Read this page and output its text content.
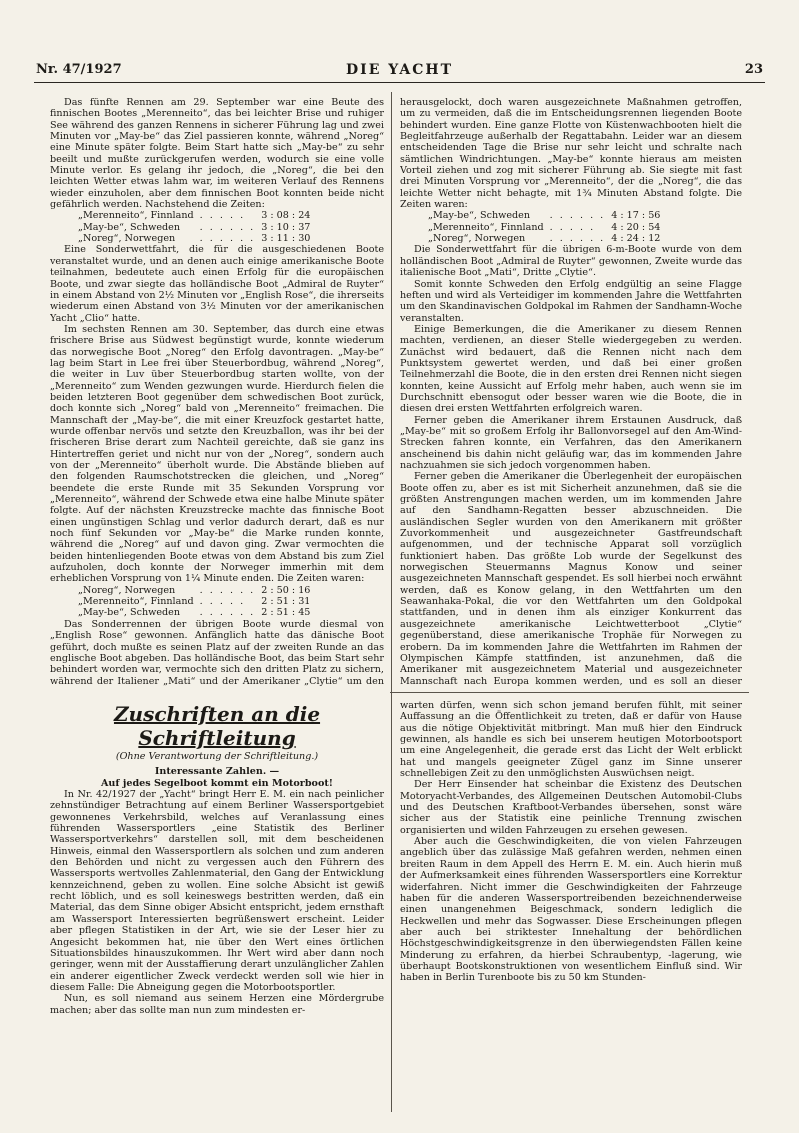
Nr. 47/1927	DIE YACHT	23

Das fünfte Rennen am 29. September war eine Beute des finnischen Bootes „Merenneito“, das bei leichter Brise und ruhiger See während des ganzen Rennens in sicherer Führung lag und zwei Minuten vor „May-be“ das Ziel passieren konnte, während „Noreg“ eine Minute später folgte. Beim Start hatte sich „May-be“ zu sehr beeilt und mußte zurückgerufen werden, wodurch sie eine volle Minute verlor. Es gelang ihr jedoch, die „Noreg“, die bei den leichten Wetter etwas lahm war, im weiteren Verlauf des Rennens wieder einzuholen, aber dem finnischen Boot konnten beide nicht gefährlich werden. Nachstehend die Zeiten:

„Merenneito“, Finnland	. . . . .	3 : 08 : 24
„May-be“, Schweden	. . . . . .	3 : 10 : 37
„Noreg“, Norwegen	. . . . . .	3 : 11 : 30

Eine Sonderwettfahrt, die für die ausgeschiedenen Boote veranstaltet wurde, und an denen auch einige amerikanische Boote teilnahmen, bedeutete auch einen Erfolg für die europäischen Boote, und zwar siegte das holländische Boot „Admiral de Ruyter“ in einem Abstand von 2½ Minuten vor „English Rose“, die ihrerseits wiederum einen Abstand von 3½ Minuten vor der amerikanischen Yacht „Clio“ hatte.

Im sechsten Rennen am 30. September, das durch eine etwas frischere Brise aus Südwest begünstigt wurde, konnte wiederum das norwegische Boot „Noreg“ den Erfolg davontragen. „May-be“ lag beim Start in Lee frei über Steuerbordbug, während „Noreg“, die weiter in Luv über Steuerbordbug starten wollte, von der „Merenneito“ zum Wenden gezwungen wurde. Hierdurch fielen die beiden letzteren Boot gegenüber dem schwedischen Boot zurück, doch konnte sich „Noreg“ bald von „Merenneito“ freimachen. Die Mannschaft der „May-be“, die mit einer Kreuzfock gestartet hatte, wurde offenbar nervös und setzte den Kreuzballon, was ihr bei der frischeren Brise derart zum Nachteil gereichte, daß sie ganz ins Hintertreffen geriet und nicht nur von der „Noreg“, sondern auch von der „Merenneito“ überholt wurde. Die Abstände blieben auf den folgenden Raumschotstrecken die gleichen, und „Noreg“ beendete die erste Runde mit 35 Sekunden Vorsprung vor „Merenneito“, während der Schwede etwa eine halbe Minute später folgte. Auf der nächsten Kreuzstrecke machte das finnische Boot einen ungünstigen Schlag und verlor dadurch derart, daß es nur noch fünf Sekunden vor „May-be“ die Marke runden konnte, während die „Noreg“ auf und davon ging. Zwar vermochten die beiden hintenliegenden Boote etwas von dem Abstand bis zum Ziel aufzuholen, doch konnte der Norweger immerhin mit dem erheblichen Vorsprung von 1¼ Minute enden. Die Zeiten waren:

„Noreg“, Norwegen	. . . . . .	2 : 50 : 16
„Merenneito“, Finnland	. . . . .	2 : 51 : 31
„May-be“, Schweden	. . . . . .	2 : 51 : 45

Das Sonderrennen der übrigen Boote wurde diesmal von „English Rose“ gewonnen. Anfänglich hatte das dänische Boot geführt, doch mußte es seinen Platz auf der zweiten Runde an das englische Boot abgeben. Das holländische Boot, das beim Start sehr behindert worden war, vermochte sich den dritten Platz zu sichern, während der Italiener „Mati“ und der Amerikaner „Clytie“ um den

herausgelockt, doch waren ausgezeichnete Maßnahmen getroffen, um zu vermeiden, daß die im Entscheidungsrennen liegenden Boote behindert wurden. Eine ganze Flotte von Küstenwachbooten hielt die Begleitfahrzeuge außerhalb der Regattabahn. Leider war an diesem entscheidenden Tage die Brise nur sehr leicht und schralte nach sämtlichen Windrichtungen. „May-be“ konnte hieraus am meisten Vorteil ziehen und zog mit sicherer Führung ab. Sie siegte mit fast drei Minuten Vorsprung vor „Merenneito“, der die „Noreg“, die das leichte Wetter nicht behagte, mit 1¾ Minuten Abstand folgte. Die Zeiten waren:

„May-be“, Schweden	. . . . . .	4 : 17 : 56
„Merenneito“, Finnland	. . . . .	4 : 20 : 54
„Noreg“, Norwegen	. . . . . .	4 : 24 : 12

Die Sonderwettfahrt für die übrigen 6-m-Boote wurde von dem holländischen Boot „Admiral de Ruyter“ gewonnen, Zweite wurde das italienische Boot „Mati“, Dritte „Clytie“.

Somit konnte Schweden den Erfolg endgültig an seine Flagge heften und wird als Verteidiger im kommenden Jahre die Wettfahrten um den Skandinavischen Goldpokal im Rahmen der Sandhamn-Woche veranstalten.

Einige Bemerkungen, die die Amerikaner zu diesem Rennen machten, verdienen, an dieser Stelle wiedergegeben zu werden. Zunächst wird bedauert, daß die Rennen nicht nach dem Punktsystem gewertet werden, und daß bei einer großen Teilnehmerzahl die Boote, die in den ersten drei Rennen nicht siegen konnten, keine Aussicht auf Erfolg mehr haben, auch wenn sie im Durchschnitt ebensogut oder besser waren wie die Boote, die in diesen drei ersten Wettfahrten erfolgreich waren.

Ferner geben die Amerikaner ihrem Erstaunen Ausdruck, daß „May-be“ mit so großem Erfolg ihr Ballonvorsegel auf den Am-Wind-Strecken fahren konnte, ein Verfahren, das den Amerikanern anscheinend bis dahin nicht geläufig war, das im kommenden Jahre nachzuahmen sie sich jedoch vorgenommen haben.

Ferner geben die Amerikaner die Überlegenheit der europäischen Boote offen zu, aber es ist mit Sicherheit anzunehmen, daß sie die größten Anstrengungen machen werden, um im kommenden Jahre auf den Sandhamn-Regatten besser abzuschneiden. Die ausländischen Segler wurden von den Amerikanern mit größter Zuvorkommenheit und ausgezeichneter Gastfreundschaft aufgenommen, und der technische Apparat soll vorzüglich funktioniert haben. Das größte Lob wurde der Segelkunst des norwegischen Steuermanns Magnus Konow und seiner ausgezeichneten Mannschaft gespendet. Es soll hierbei noch erwähnt werden, daß es Konow gelang, in den Wettfahrten um den Seawanhaka-Pokal, die vor den Wettfahrten um den Goldpokal stattfanden, und in denen ihm als einziger Konkurrent das ausgezeichnete amerikanische Leichtwetterboot „Clytie“ gegenüberstand, diese amerikanische Trophäe für Norwegen zu erobern. Da im kommenden Jahre die Wettfahrten im Rahmen der Olympischen Kämpfe stattfinden, ist anzunehmen, daß die Amerikaner mit ausgezeichnetem Material und ausgezeichneter Mannschaft nach Europa kommen werden, und es soll an dieser

Zuschriften an die Schriftleitung
(Ohne Verantwortung der Schriftleitung.)

Interessante Zahlen. —

Auf jedes Segelboot kommt ein Motorboot!

In Nr. 42/1927 der „Yacht“ bringt Herr E. M. ein nach peinlicher zehnstündiger Betrachtung auf einem Berliner Wassersportgebiet gewonnenes Verkehrsbild, welches auf Veranlassung eines führenden Wassersportlers „eine Statistik des Berliner Wassersportverkehrs“ darstellen soll, mit dem bescheidenen Hinweis, einmal den Wassersportlern als solchen und zum anderen den Behörden und nicht zu vergessen auch den Führern des Wassersports wertvolles Zahlenmaterial, den Gang der Entwicklung kennzeichnend, geben zu wollen. Eine solche Absicht ist gewiß recht löblich, und es soll keineswegs bestritten werden, daß ein Material, das dem Sinne obiger Absicht entspricht, jedem ernsthaft am Wassersport Interessierten begrüßenswert erscheint. Leider aber pflegen Statistiken in der Art, wie sie der Leser hier zu Angesicht bekommen hat, nie über den Wert eines örtlichen Situationsbildes hinauszukommen. Ihr Wert wird aber dann noch geringer, wenn mit der Ausstaffierung derart unzulänglicher Zahlen ein anderer eigentlicher Zweck verdeckt werden soll wie hier in diesem Falle: Die Abneigung gegen die Motorbootsportler.

Nun, es soll niemand aus seinem Herzen eine Mördergrube machen; aber das sollte man nun zum mindesten er-

warten dürfen, wenn sich schon jemand berufen fühlt, mit seiner Auffassung an die Öffentlichkeit zu treten, daß er dafür von Hause aus die nötige Objektivität mitbringt. Man muß hier den Eindruck gewinnen, als handle es sich bei unserem heutigen Motorbootsport um eine Angelegenheit, die gerade erst das Licht der Welt erblickt hat und mangels geeigneter Zügel ganz im Sinne unserer schnellebigen Zeit zu den unmöglichsten Auswüchsen neigt.

Der Herr Einsender hat scheinbar die Existenz des Deutschen Motoryacht-Verbandes, des Allgemeinen Deutschen Automobil-Clubs und des Deutschen Kraftboot-Verbandes übersehen, sonst wäre sicher aus der Statistik eine peinliche Trennung zwischen organisierten und wilden Fahrzeugen zu ersehen gewesen.

Aber auch die Geschwindigkeiten, die von vielen Fahrzeugen angeblich über das zulässige Maß gefahren werden, nehmen einen breiten Raum in dem Appell des Herrn E. M. ein. Auch hierin muß der Aufmerksamkeit eines führenden Wassersportlers eine Korrektur widerfahren. Nicht immer die Geschwindigkeiten der Fahrzeuge haben für die anderen Wassersportreibenden bezeichnenderweise einen unangenehmen Beigeschmack, sondern lediglich die Heckwellen und mehr das Sogwasser. Diese Erscheinungen pflegen aber auch bei striktester Innehaltung der behördlichen Höchstgeschwindigkeitsgrenze in den überwiegendsten Fällen keine Minderung zu erfahren, da hierbei Schraubentyp, -lagerung, wie überhaupt Bootskonstruktionen von wesentlichem Einfluß sind. Wir haben in Berlin Turenboote bis zu 50 km Stunden-
